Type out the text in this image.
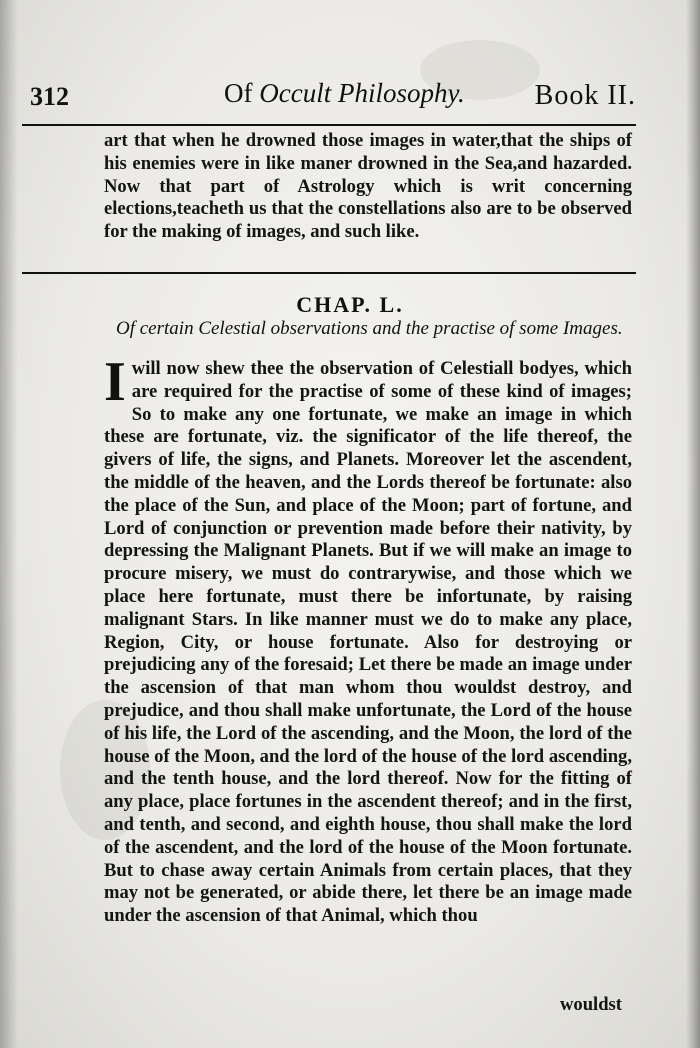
312	Of Occult Philosophy. Book II.
art that when he drowned those images in water,that the ships of his enemies were in like maner drowned in the Sea,and hazarded. Now that part of Astrology which is writ concerning elections,teacheth us that the constellations also are to be observed for the making of images, and such like.
CHAP. L.
Of certain Celestial observations and the practise of some Images.
I will now shew thee the observation of Celestiall bodyes, which are required for the practise of some of these kind of images; So to make any one fortunate, we make an image in which these are fortunate, viz. the significator of the life thereof, the givers of life, the signs, and Planets. Moreover let the ascendent, the middle of the heaven, and the Lords thereof be fortunate: also the place of the Sun, and place of the Moon; part of fortune, and Lord of conjunction or prevention made before their nativity, by depressing the Malignant Planets. But if we will make an image to procure misery, we must do contrarywise, and those which we place here fortunate, must there be infortunate, by raising malignant Stars. In like manner must we do to make any place, Region, City, or house fortunate. Also for destroying or prejudicing any of the foresaid; Let there be made an image under the ascension of that man whom thou wouldst destroy, and prejudice, and thou shall make unfortunate, the Lord of the house of his life, the Lord of the ascending, and the Moon, the lord of the house of the Moon, and the lord of the house of the lord ascending, and the tenth house, and the lord thereof. Now for the fitting of any place, place fortunes in the ascendent thereof; and in the first, and tenth, and second, and eighth house, thou shall make the lord of the ascendent, and the lord of the house of the Moon fortunate. But to chase away certain Animals from certain places, that they may not be generated, or abide there, let there be an image made under the ascension of that Animal, which thou
wouldst
